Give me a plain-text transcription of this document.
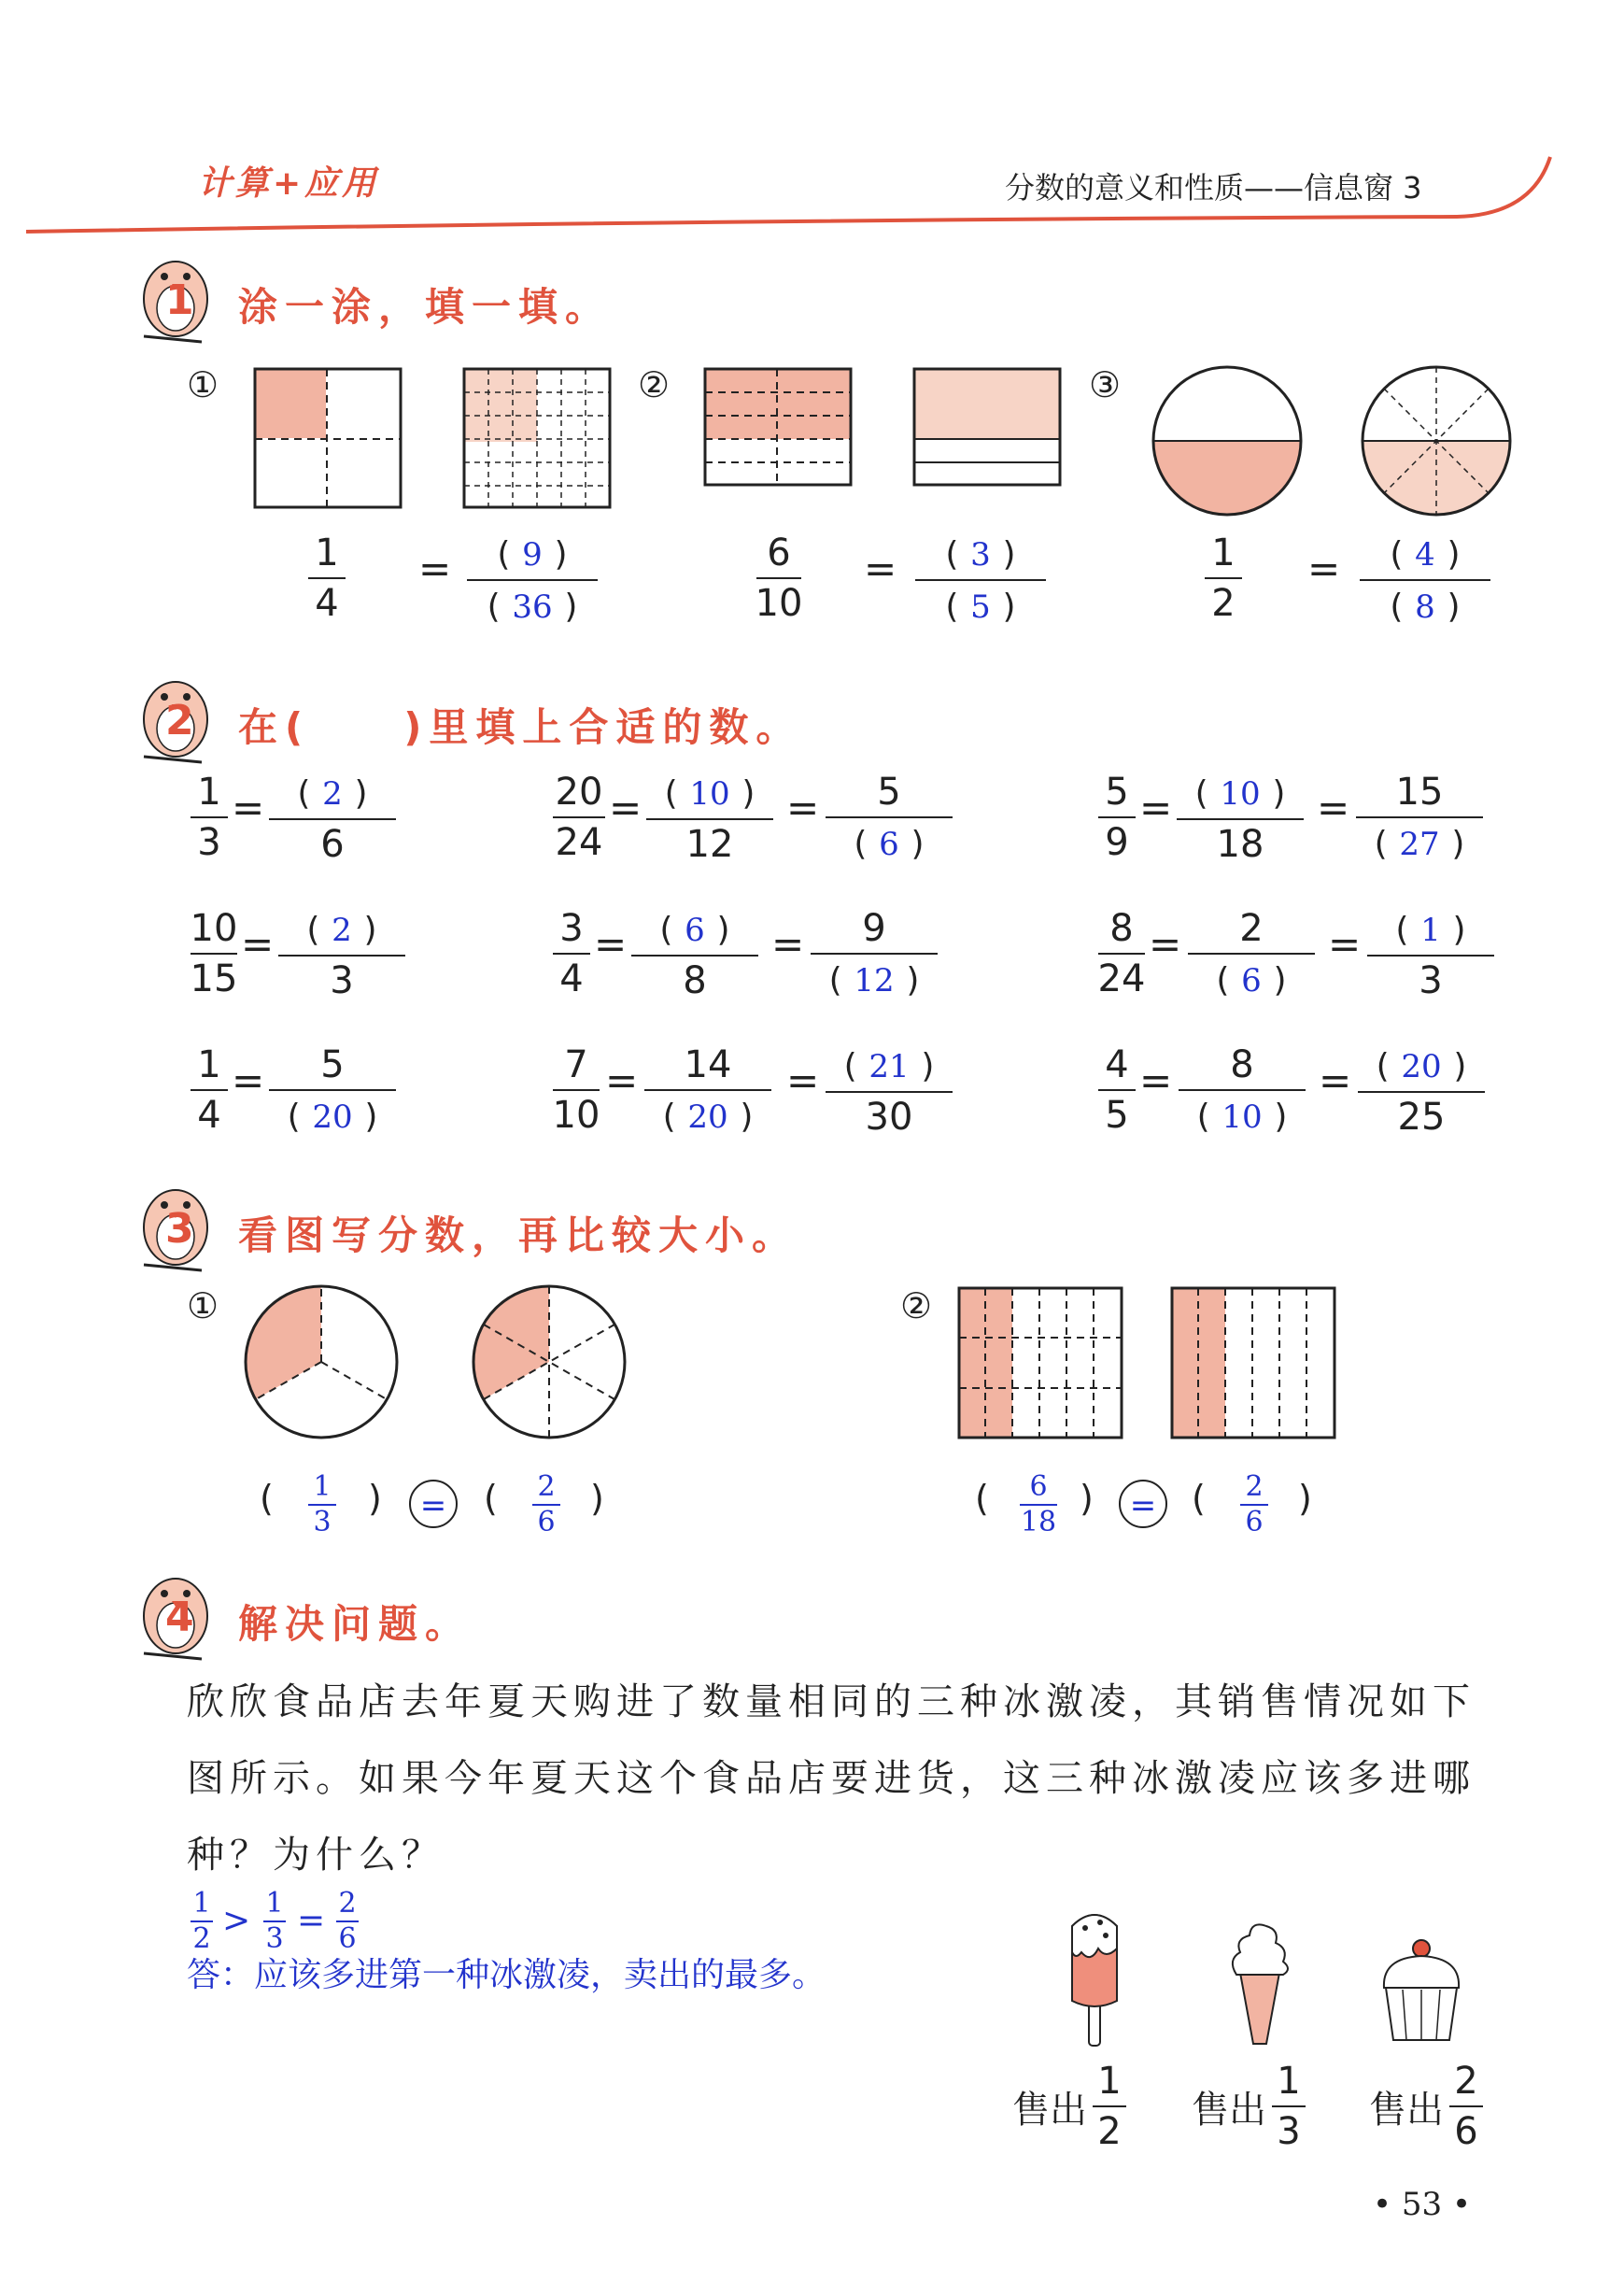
计算+应用	分数的意义和性质——信息窗 3
1 涂一涂，填一填。
①
1
4
= ( 9 )
( 36 )
②
6
10
= ( 3 )
( 5 )
③
1
2
= ( 4 )
( 8 )
2 在(　　)里填上合适的数。
1
3
= ( 2 )
6
20
24
= ( 10 )
12
= 5
( 6 )
5
9
= ( 10 )
18
= 15
( 27 )
10
15
= ( 2 )
3
3
4
= ( 6 )
8
= 9
( 12 )
8
24
= 2
( 6 )
= ( 1 )
3
1
4
= 5
( 20 )
7
10
= 14
( 20 )
= ( 21 )
30
4
5
= 8
( 10 )
= ( 20 )
25
3 看图写分数，再比较大小。
①
( 1
3
)	=	( 2
6
)
②
( 6
18
)	= ( 2
6
)
4 解决问题。
欣欣食品店去年夏天购进了数量相同的三种冰激凌，其销售情况如下
图所示。如果今年夏天这个食品店要进货，这三种冰激凌应该多进哪
种？为什么？
1
2 > 1
3 = 2
6
答：应该多进第一种冰激凌，卖出的最多。
售出 $\frac{1}{2}$ 售出 $\frac{1}{3}$ 售出 $\frac{2}{6}$
• 53 •
